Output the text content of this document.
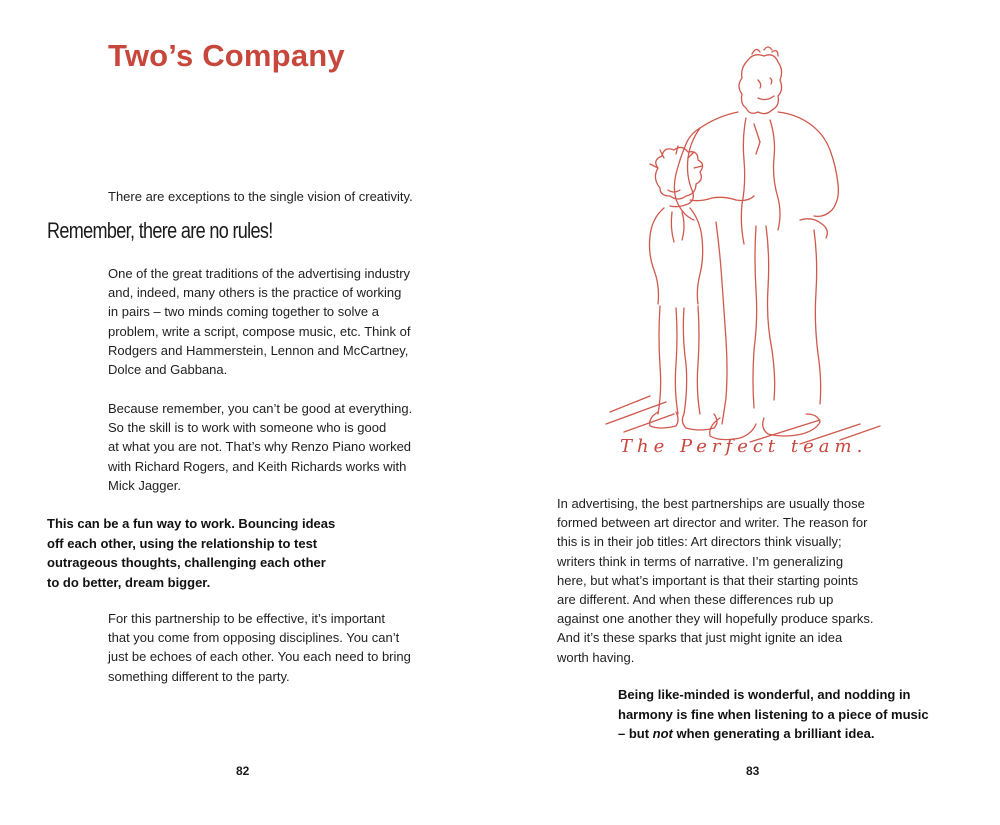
Two’s Company

There are exceptions to the single vision of creativity.

Remember, there are no rules!

One of the great traditions of the advertising industry
and, indeed, many others is the practice of working
in pairs – two minds coming together to solve a
problem, write a script, compose music, etc. Think of
Rodgers and Hammerstein, Lennon and McCartney,
Dolce and Gabbana.

Because remember, you can’t be good at everything.
So the skill is to work with someone who is good
at what you are not. That’s why Renzo Piano worked
with Richard Rogers, and Keith Richards works with
Mick Jagger.

This can be a fun way to work. Bouncing ideas
off each other, using the relationship to test
outrageous thoughts, challenging each other
to do better, dream bigger.

For this partnership to be effective, it’s important
that you come from opposing disciplines. You can’t
just be echoes of each other. You each need to bring
something different to the party.

82

The Perfect team.

In advertising, the best partnerships are usually those
formed between art director and writer. The reason for
this is in their job titles: Art directors think visually;
writers think in terms of narrative. I’m generalizing
here, but what’s important is that their starting points
are different. And when these differences rub up
against one another they will hopefully produce sparks.
And it’s these sparks that just might ignite an idea
worth having.

Being like-minded is wonderful, and nodding in
harmony is fine when listening to a piece of music
– but not when generating a brilliant idea.

83
